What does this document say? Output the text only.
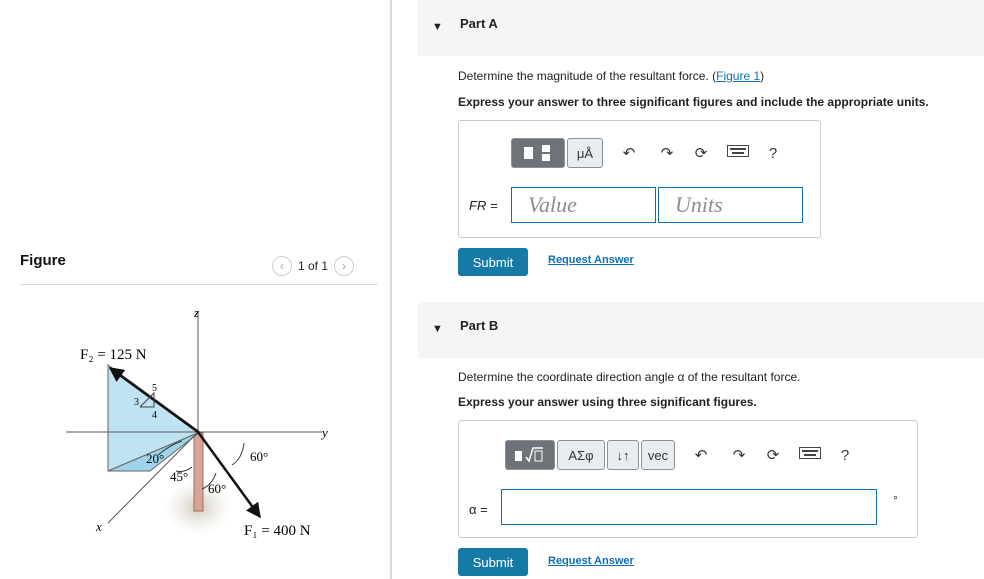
Figure	‹	1 of 1	›
z
y
x
F₂ = 125 N
F₁ = 400 N
5
3
4
20°
45°
60°
60°
▼ Part A
Determine the magnitude of the resultant force. (Figure 1)
Express your answer to three significant figures and include the appropriate units.
μÅ	↶ ↷ ⟳	?
FR =	Value	Units
Submit	Request Answer
▼ Part B
Determine the coordinate direction angle α of the resultant force.
Express your answer using three significant figures.
ΑΣφ	↓↑	vec	↶ ↷ ⟳	?
α =
°
Submit	Request Answer
